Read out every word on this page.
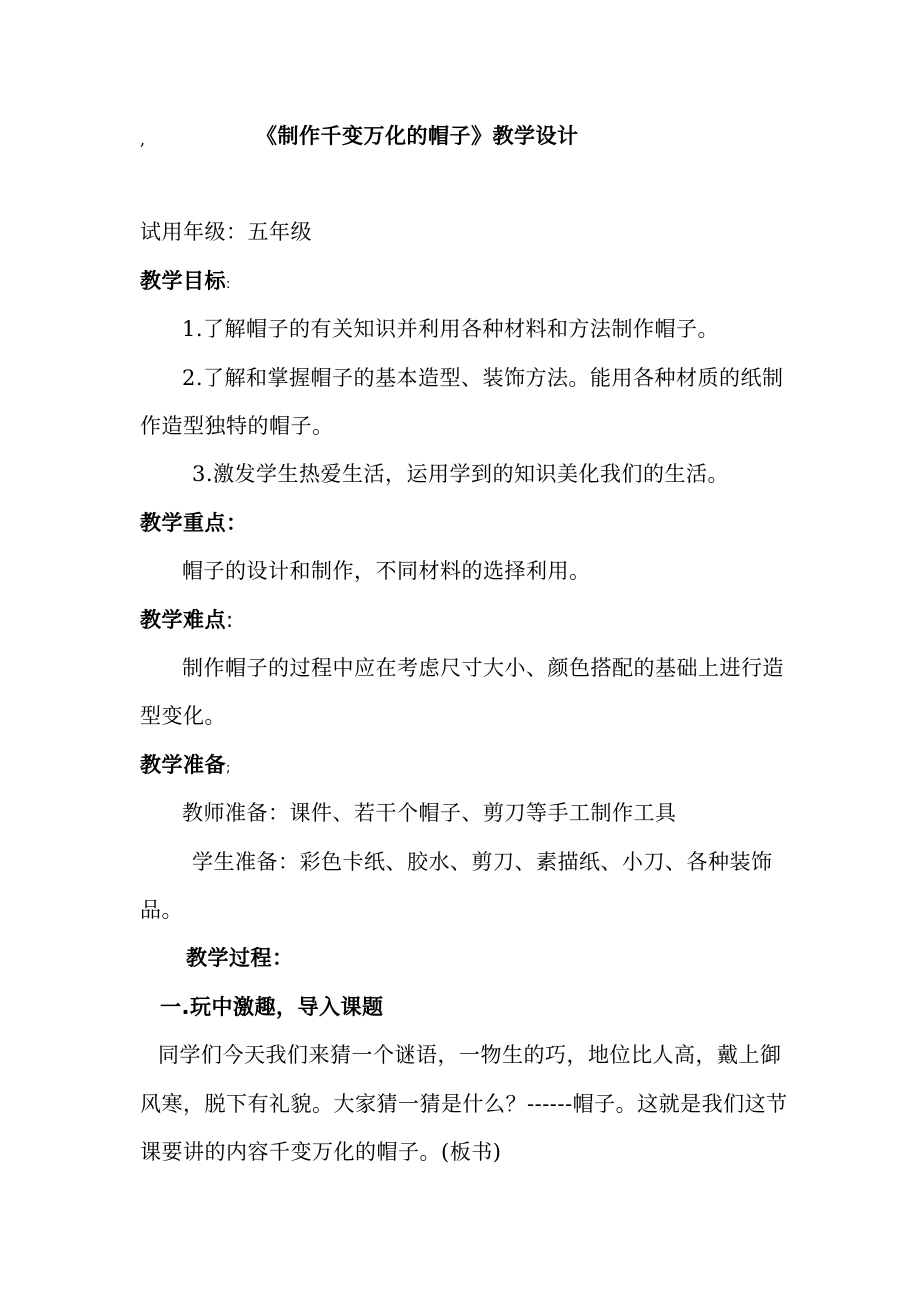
,	《制作千变万化的帽子》教学设计
试用年级：五年级
教学目标:
1.了解帽子的有关知识并利用各种材料和方法制作帽子。
2.了解和掌握帽子的基本造型、装饰方法。能用各种材质的纸制
作造型独特的帽子。
3.激发学生热爱生活，运用学到的知识美化我们的生活。
教学重点：
帽子的设计和制作，不同材料的选择利用。
教学难点:
制作帽子的过程中应在考虑尺寸大小、颜色搭配的基础上进行造
型变化。
教学准备;
教师准备：课件、若干个帽子、剪刀等手工制作工具
学生准备：彩色卡纸、胶水、剪刀、素描纸、小刀、各种装饰
品。
教学过程：
一.玩中激趣，导入课题
同学们今天我们来猜一个谜语，一物生的巧，地位比人高，戴上御
风寒，脱下有礼貌。大家猜一猜是什么？------帽子。这就是我们这节
课要讲的内容千变万化的帽子。(板书)
